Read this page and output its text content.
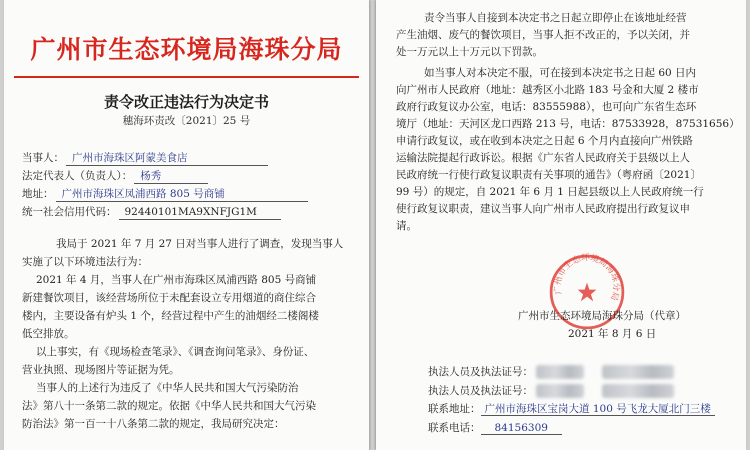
广州市生态环境局海珠分局
责令改正违法行为决定书
穗海环责改〔2021〕25 号
当事人： 广州市海珠区阿蒙美食店
法定代表人（负责人）： 杨秀
地址： 广州市海珠区凤浦西路 805 号商铺
统一社会信用代码： 92440101MA9XNFJG1M
我局于 2021 年 7 月 27 日对当事人进行了调查，发现当事人
实施了以下环境违法行为：
2021 年 4 月，当事人在广州市海珠区凤浦西路 805 号商铺
新建餐饮项目，该经营场所位于未配套设立专用烟道的商住综合
楼内，主要设备有炉头 1 个，经营过程中产生的油烟经二楼阁楼
低空排放。
以上事实，有《现场检查笔录》、《调查询问笔录》、身份证、
营业执照、现场图片等证据为凭。
当事人的上述行为违反了《中华人民共和国大气污染防治
法》第八十一条第二款的规定。依据《中华人民共和国大气污染
防治法》第一百一十八条第二款的规定，我局研究决定：
责令当事人自接到本决定书之日起立即停止在该地址经营
产生油烟、废气的餐饮项目，当事人拒不改正的，予以关闭，并
处一万元以上十万元以下罚款。
如当事人对本决定不服，可在接到本决定书之日起 60 日内
向广州市人民政府（地址：越秀区小北路 183 号金和大厦 2 楼市
政府行政复议办公室，电话：83555988），也可向广东省生态环
境厅（地址：天河区龙口西路 213 号，电话：87533928，87531656）
申请行政复议，或在收到本决定之日起 6 个月内直接向广州铁路
运输法院提起行政诉讼。根据《广东省人民政府关于县级以上人
民政府统一行使行政复议职责有关事项的通告》（粤府函〔2021〕
99 号）的规定，自 2021 年 6 月 1 日起县级以上人民政府统一行
使行政复议职责，建议当事人向广州市人民政府提出行政复议申
请。
广州市生态环境局海珠分局
广州市生态环境局海珠分局（代章）
2021 年 8 月 6 日
执法人员及执法证号：
执法人员及执法证号：
联系地址： 广州市海珠区宝岗大道 100 号飞龙大厦北门三楼
联系电话： 84156309
